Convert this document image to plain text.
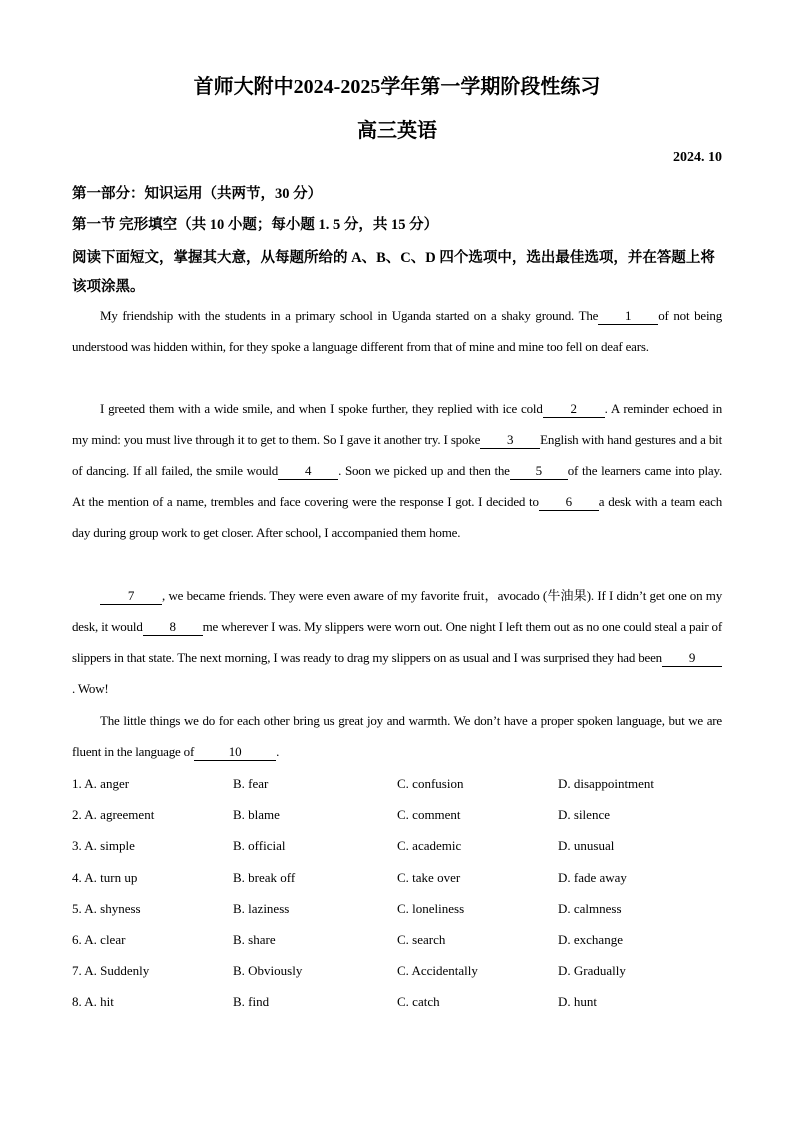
首师大附中2024-2025学年第一学期阶段性练习
高三英语
2024. 10
第一部分：知识运用（共两节，30 分）
第一节 完形填空（共 10 小题；每小题 1. 5 分，共 15 分）
阅读下面短文，掌握其大意，从每题所给的 A、B、C、D 四个选项中，选出最佳选项，并在答题上将该项涂黑。
My friendship with the students in a primary school in Uganda started on a shaky ground. The 1 of not being understood was hidden within, for they spoke a language different from that of mine and mine too fell on deaf ears.
I greeted them with a wide smile, and when I spoke further, they replied with ice cold 2 . A reminder echoed in my mind: you must live through it to get to them. So I gave it another try. I spoke 3 English with hand gestures and a bit of dancing. If all failed, the smile would 4 . Soon we picked up and then the 5 of the learners came into play. At the mention of a name, trembles and face covering were the response I got. I decided to 6 a desk with a team each day during group work to get closer. After school, I accompanied them home.
7 , we became friends. They were even aware of my favorite fruit，avocado (牛油果). If I didn’t get one on my desk, it would 8 me wherever I was. My slippers were worn out. One night I left them out as no one could steal a pair of slippers in that state. The next morning, I was ready to drag my slippers on as usual and I was surprised they had been 9. Wow!
The little things we do for each other bring us great joy and warmth. We don’t have a proper spoken language, but we are fluent in the language of	10	.
1. A. anger	B. fear	C. confusion	D. disappointment
2. A. agreement	B. blame	C. comment	D. silence
3. A. simple	B. official	C. academic	D. unusual
4. A. turn up	B. break off	C. take over	D. fade away
5. A. shyness	B. laziness	C. loneliness	D. calmness
6. A. clear	B. share	C. search	D. exchange
7. A. Suddenly	B. Obviously	C. Accidentally	D. Gradually
8. A. hit	B. find	C. catch	D. hunt
